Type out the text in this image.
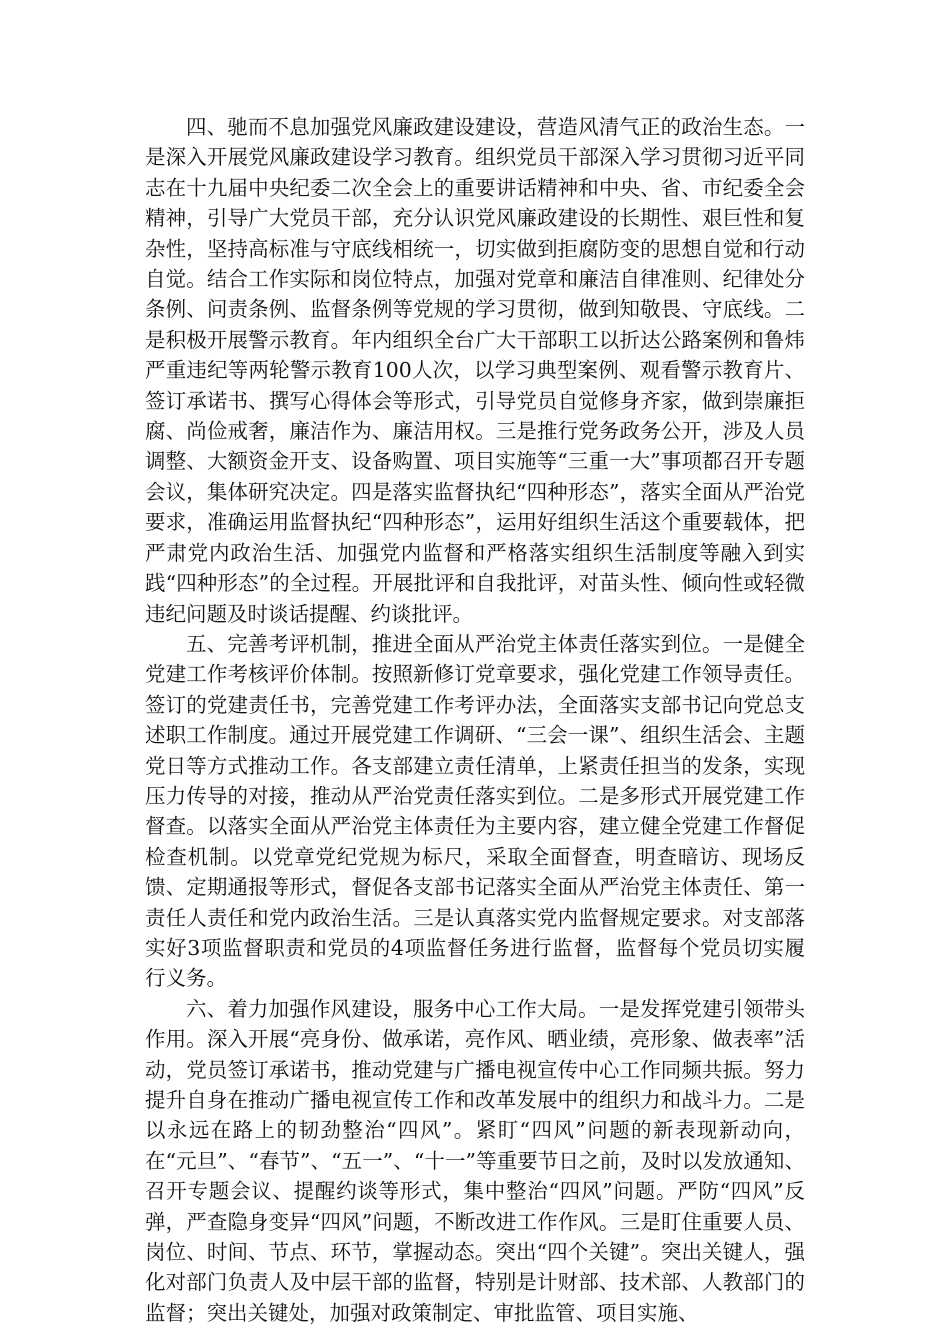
四、驰而不息加强党风廉政建设建设，营造风清气正的政治生态。一是深入开展党风廉政建设学习教育。组织党员干部深入学习贯彻习近平同志在十九届中央纪委二次全会上的重要讲话精神和中央、省、市纪委全会精神，引导广大党员干部，充分认识党风廉政建设的长期性、艰巨性和复杂性，坚持高标准与守底线相统一，切实做到拒腐防变的思想自觉和行动自觉。结合工作实际和岗位特点，加强对党章和廉洁自律准则、纪律处分条例、问责条例、监督条例等党规的学习贯彻，做到知敬畏、守底线。二是积极开展警示教育。年内组织全台广大干部职工以折达公路案例和鲁炜严重违纪等两轮警示教育100人次，以学习典型案例、观看警示教育片、签订承诺书、撰写心得体会等形式，引导党员自觉修身齐家，做到崇廉拒腐、尚俭戒奢，廉洁作为、廉洁用权。三是推行党务政务公开，涉及人员调整、大额资金开支、设备购置、项目实施等“三重一大”事项都召开专题会议，集体研究决定。四是落实监督执纪“四种形态”，落实全面从严治党要求，准确运用监督执纪“四种形态”，运用好组织生活这个重要载体，把严肃党内政治生活、加强党内监督和严格落实组织生活制度等融入到实践“四种形态”的全过程。开展批评和自我批评，对苗头性、倾向性或轻微违纪问题及时谈话提醒、约谈批评。

五、完善考评机制，推进全面从严治党主体责任落实到位。一是健全党建工作考核评价体制。按照新修订党章要求，强化党建工作领导责任。签订的党建责任书，完善党建工作考评办法，全面落实支部书记向党总支述职工作制度。通过开展党建工作调研、“三会一课”、组织生活会、主题党日等方式推动工作。各支部建立责任清单，上紧责任担当的发条，实现压力传导的对接，推动从严治党责任落实到位。二是多形式开展党建工作督查。以落实全面从严治党主体责任为主要内容，建立健全党建工作督促检查机制。以党章党纪党规为标尺，采取全面督查，明查暗访、现场反馈、定期通报等形式，督促各支部书记落实全面从严治党主体责任、第一责任人责任和党内政治生活。三是认真落实党内监督规定要求。对支部落实好3项监督职责和党员的4项监督任务进行监督，监督每个党员切实履行义务。

六、着力加强作风建设，服务中心工作大局。一是发挥党建引领带头作用。深入开展“亮身份、做承诺，亮作风、晒业绩，亮形象、做表率”活动，党员签订承诺书，推动党建与广播电视宣传中心工作同频共振。努力提升自身在推动广播电视宣传工作和改革发展中的组织力和战斗力。二是以永远在路上的韧劲整治“四风”。紧盯“四风”问题的新表现新动向，在“元旦”、“春节”、“五一”、“十一”等重要节日之前，及时以发放通知、召开专题会议、提醒约谈等形式，集中整治“四风”问题。严防“四风”反弹，严查隐身变异“四风”问题，不断改进工作作风。三是盯住重要人员、岗位、时间、节点、环节，掌握动态。突出“四个关键”。突出关键人，强化对部门负责人及中层干部的监督，特别是计财部、技术部、人教部门的监督；突出关键处，加强对政策制定、审批监管、项目实施、
